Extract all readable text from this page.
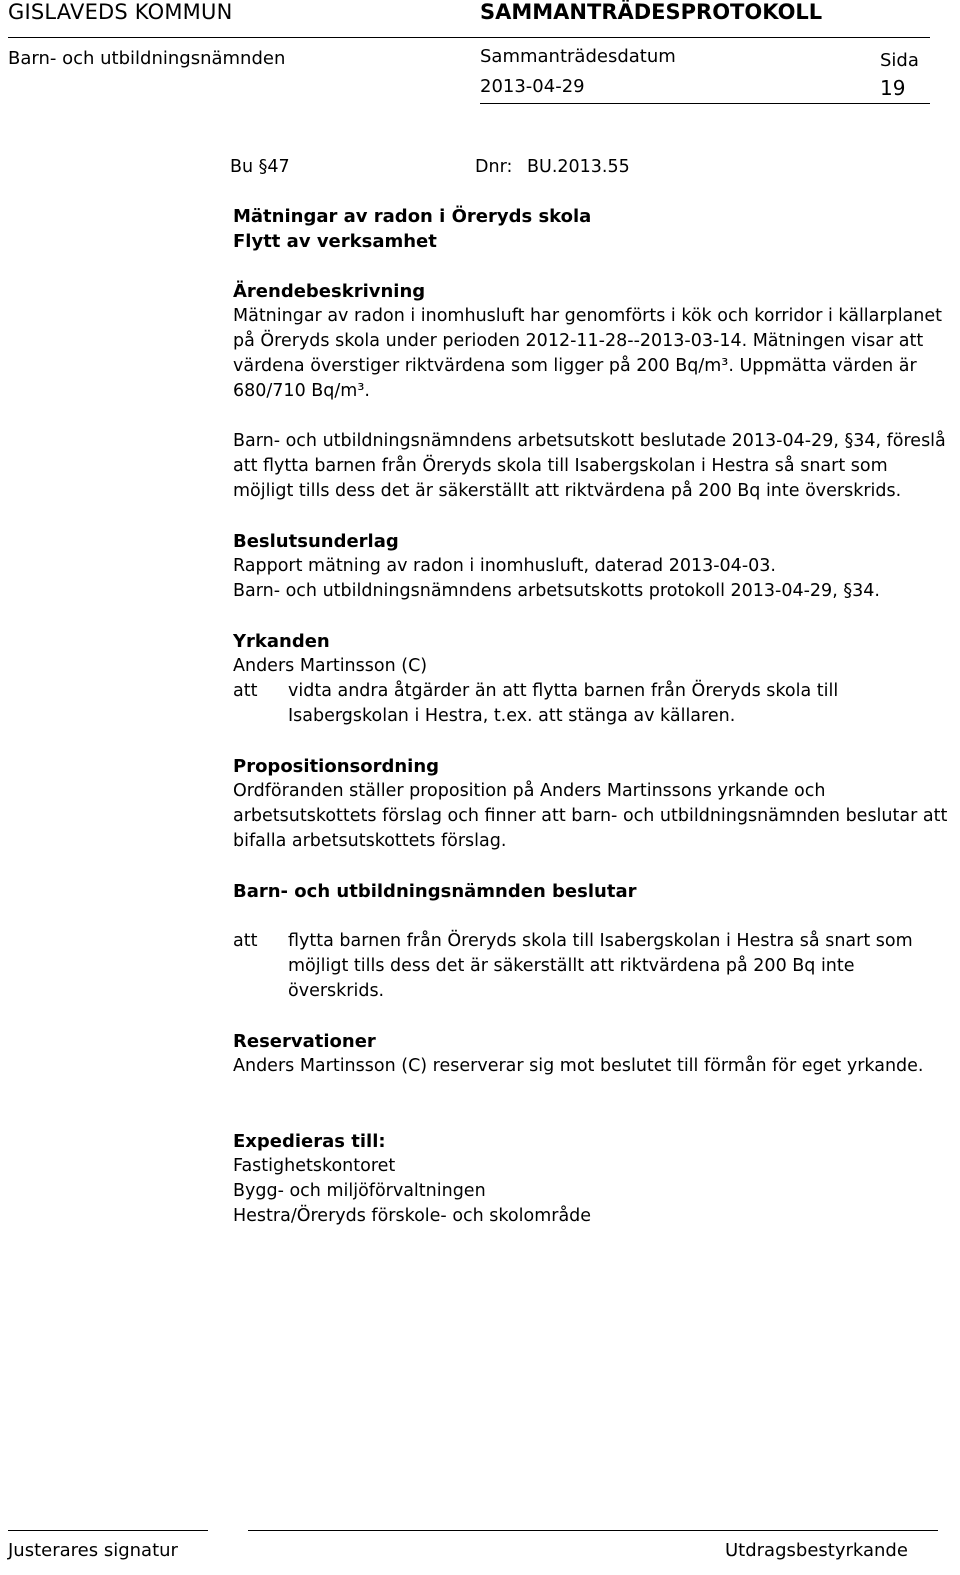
GISLAVEDS KOMMUN	SAMMANTRÄDESPROTOKOLL
Barn- och utbildningsnämnden	Sammanträdesdatum
2013-04-29
Sida
19
Bu §47	Dnr: BU.2013.55

Mätningar av radon i Öreryds skola

Flytt av verksamhet

Ärendebeskrivning

Mätningar av radon i inomhusluft har genomförts i kök och korridor i källarplanet på Öreryds skola under perioden 2012-11-28--2013-03-14. Mätningen visar att värdena överstiger riktvärdena som ligger på 200 Bq/m³. Uppmätta värden är 680/710 Bq/m³.

Barn- och utbildningsnämndens arbetsutskott beslutade 2013-04-29, §34, föreslå att flytta barnen från Öreryds skola till Isabergskolan i Hestra så snart som möjligt tills dess det är säkerställt att riktvärdena på 200 Bq inte överskrids.

Beslutsunderlag

Rapport mätning av radon i inomhusluft, daterad 2013-04-03.

Barn- och utbildningsnämndens arbetsutskotts protokoll 2013-04-29, §34.

Yrkanden

Anders Martinsson (C)

att vidta andra åtgärder än att flytta barnen från Öreryds skola till Isabergskolan i Hestra, t.ex. att stänga av källaren.

Propositionsordning

Ordföranden ställer proposition på Anders Martinssons yrkande och arbetsutskottets förslag och finner att barn- och utbildningsnämnden beslutar att bifalla arbetsutskottets förslag.

Barn- och utbildningsnämnden beslutar

att flytta barnen från Öreryds skola till Isabergskolan i Hestra så snart som möjligt tills dess det är säkerställt att riktvärdena på 200 Bq inte överskrids.

Reservationer

Anders Martinsson (C) reserverar sig mot beslutet till förmån för eget yrkande.

Expedieras till:

Fastighetskontoret

Bygg- och miljöförvaltningen

Hestra/Öreryds förskole- och skolområde

Justerares signatur	Utdragsbestyrkande
